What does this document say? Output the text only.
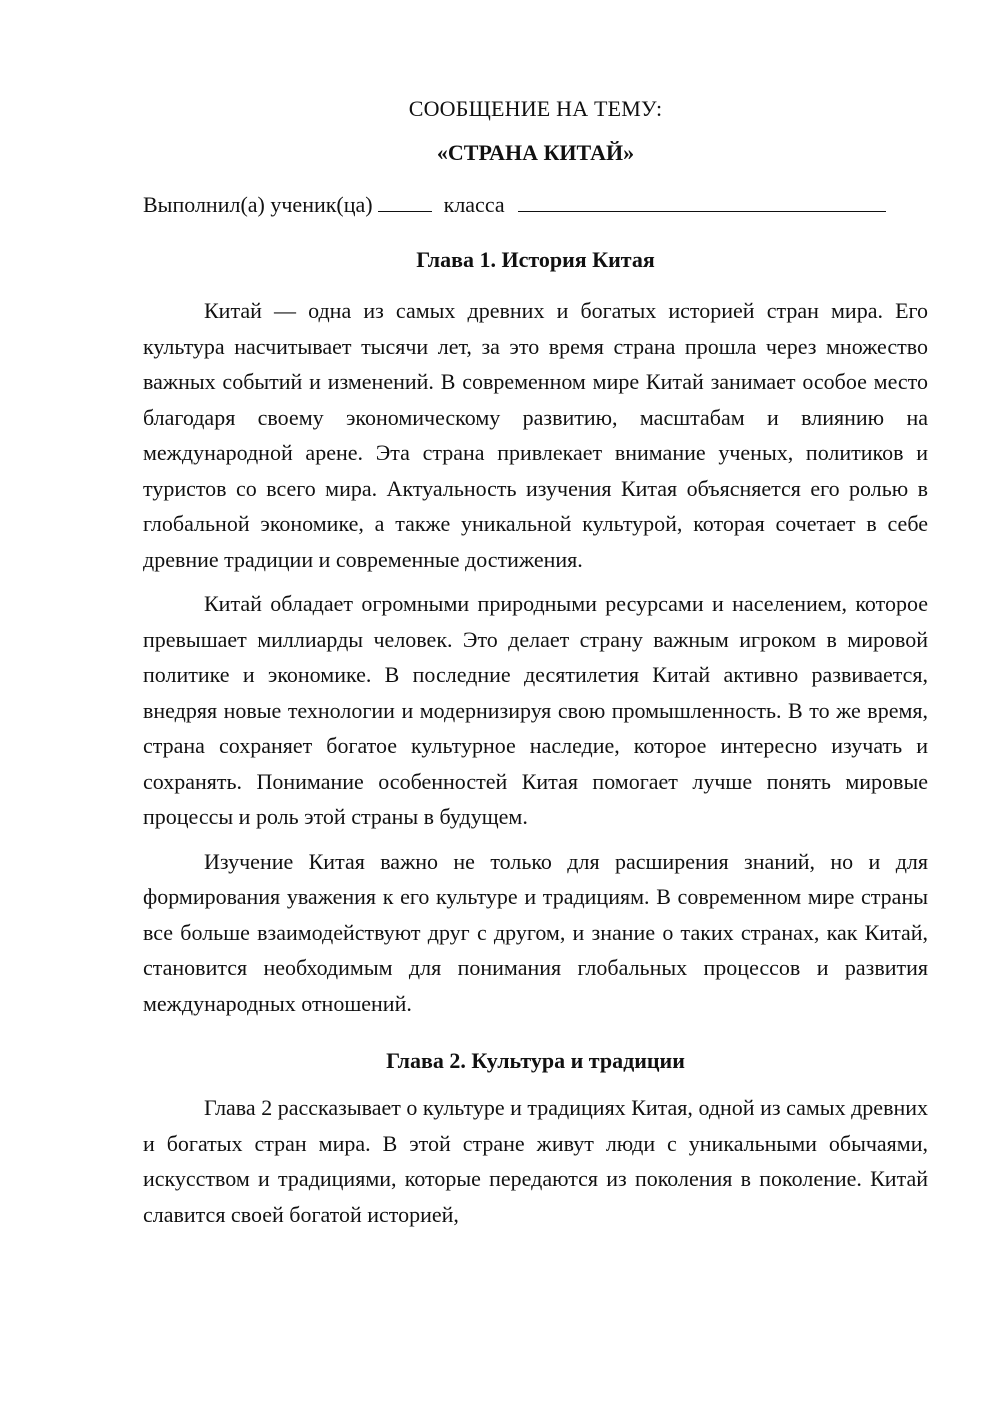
СООБЩЕНИЕ НА ТЕМУ:

«СТРАНА КИТАЙ»

Выполнил(а) ученик(ца)	класса

Глава 1. История Китая

Китай — одна из самых древних и богатых историей стран мира. Его культура насчитывает тысячи лет, за это время страна прошла через множество важных событий и изменений. В современном мире Китай занимает особое место благодаря своему экономическому развитию, масштабам и влиянию на международной арене. Эта страна привлекает внимание ученых, политиков и туристов со всего мира. Актуальность изучения Китая объясняется его ролью в глобальной экономике, а также уникальной культурой, которая сочетает в себе древние традиции и современные достижения.

Китай обладает огромными природными ресурсами и населением, которое превышает миллиарды человек. Это делает страну важным игроком в мировой политике и экономике. В последние десятилетия Китай активно развивается, внедряя новые технологии и модернизируя свою промышленность. В то же время, страна сохраняет богатое культурное наследие, которое интересно изучать и сохранять. Понимание особенностей Китая помогает лучше понять мировые процессы и роль этой страны в будущем.

Изучение Китая важно не только для расширения знаний, но и для формирования уважения к его культуре и традициям. В современном мире страны все больше взаимодействуют друг с другом, и знание о таких странах, как Китай, становится необходимым для понимания глобальных процессов и развития международных отношений.

Глава 2. Культура и традиции

Глава 2 рассказывает о культуре и традициях Китая, одной из самых древних и богатых стран мира. В этой стране живут люди с уникальными обычаями, искусством и традициями, которые передаются из поколения в поколение. Китай славится своей богатой историей,
